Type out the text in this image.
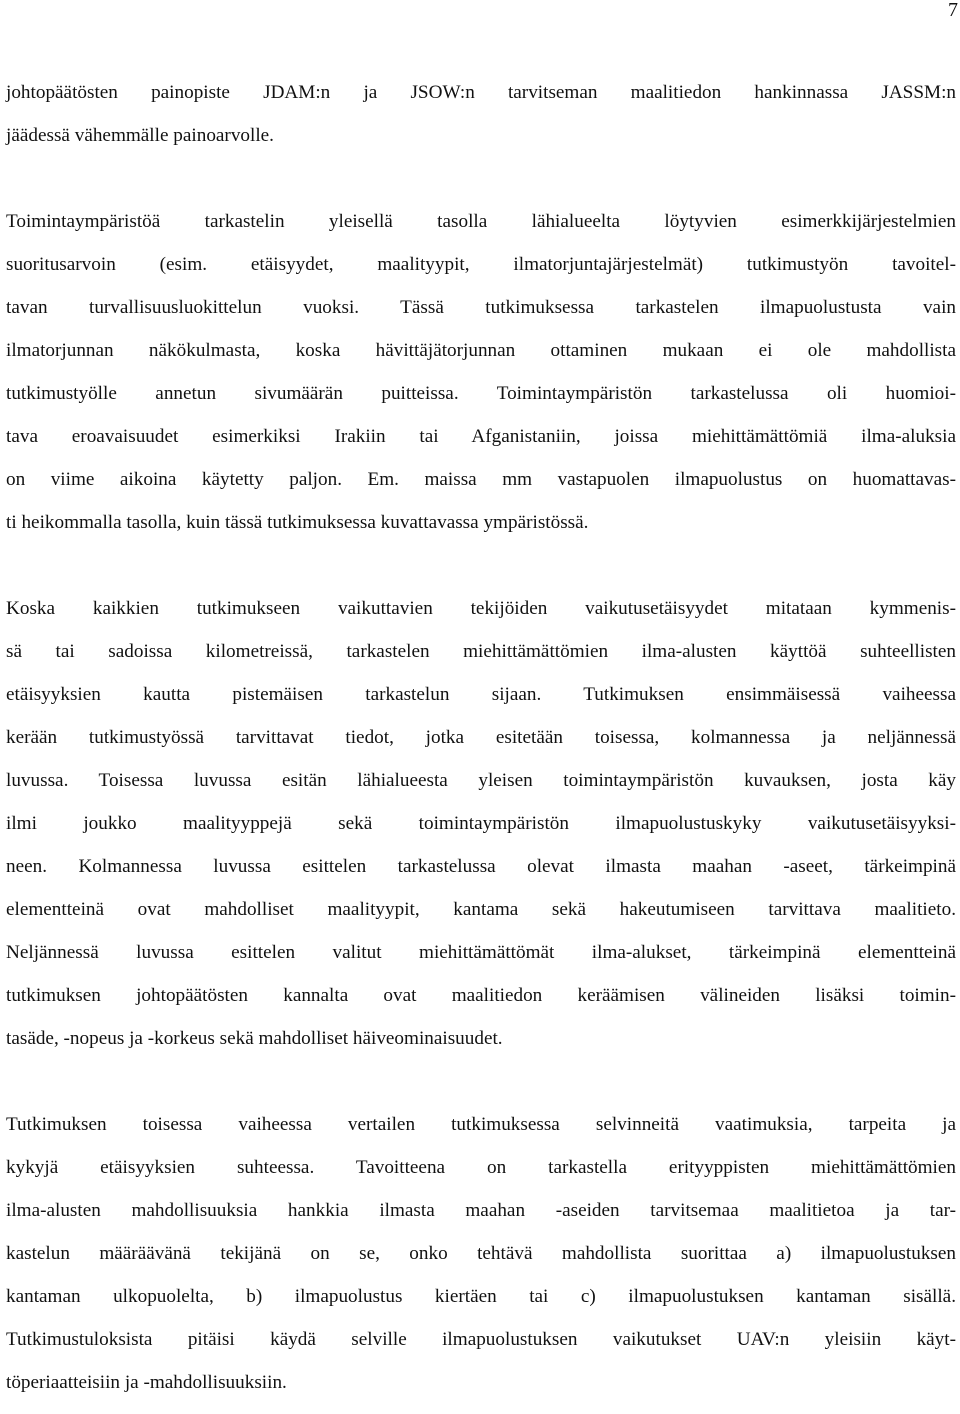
7

johtopäätösten painopiste JDAM:n ja JSOW:n tarvitseman maalitiedon hankinnassa JASSM:n
jäädessä vähemmälle painoarvolle.

Toimintaympäristöä tarkastelin yleisellä tasolla lähialueelta löytyvien esimerkkijärjestelmien
suoritusarvoin (esim. etäisyydet, maalityypit, ilmatorjuntajärjestelmät) tutkimustyön tavoitel-
tavan turvallisuusluokittelun vuoksi. Tässä tutkimuksessa tarkastelen ilmapuolustusta vain
ilmatorjunnan näkökulmasta, koska hävittäjätorjunnan ottaminen mukaan ei ole mahdollista
tutkimustyölle annetun sivumäärän puitteissa. Toimintaympäristön tarkastelussa oli huomioi-
tava eroavaisuudet esimerkiksi Irakiin tai Afganistaniin, joissa miehittämättömiä ilma-aluksia
on viime aikoina käytetty paljon. Em. maissa mm vastapuolen ilmapuolustus on huomattavas-
ti heikommalla tasolla, kuin tässä tutkimuksessa kuvattavassa ympäristössä.

Koska kaikkien tutkimukseen vaikuttavien tekijöiden vaikutusetäisyydet mitataan kymmenis-
sä tai sadoissa kilometreissä, tarkastelen miehittämättömien ilma-alusten käyttöä suhteellisten
etäisyyksien kautta pistemäisen tarkastelun sijaan. Tutkimuksen ensimmäisessä vaiheessa
kerään tutkimustyössä tarvittavat tiedot, jotka esitetään toisessa, kolmannessa ja neljännessä
luvussa. Toisessa luvussa esitän lähialueesta yleisen toimintaympäristön kuvauksen, josta käy
ilmi joukko maalityyppejä sekä toimintaympäristön ilmapuolustuskyky vaikutusetäisyyksi-
neen. Kolmannessa luvussa esittelen tarkastelussa olevat ilmasta maahan -aseet, tärkeimpinä
elementteinä ovat mahdolliset maalityypit, kantama sekä hakeutumiseen tarvittava maalitieto.
Neljännessä luvussa esittelen valitut miehittämättömät ilma-alukset, tärkeimpinä elementteinä
tutkimuksen johtopäätösten kannalta ovat maalitiedon keräämisen välineiden lisäksi toimin-
tasäde, -nopeus ja -korkeus sekä mahdolliset häiveominaisuudet.

Tutkimuksen toisessa vaiheessa vertailen tutkimuksessa selvinneitä vaatimuksia, tarpeita ja
kykyjä etäisyyksien suhteessa. Tavoitteena on tarkastella erityyppisten miehittämättömien
ilma-alusten mahdollisuuksia hankkia ilmasta maahan -aseiden tarvitsemaa maalitietoa ja tar-
kastelun määräävänä tekijänä on se, onko tehtävä mahdollista suorittaa a) ilmapuolustuksen
kantaman ulkopuolelta, b) ilmapuolustus kiertäen tai c) ilmapuolustuksen kantaman sisällä.
Tutkimustuloksista pitäisi käydä selville ilmapuolustuksen vaikutukset UAV:n yleisiin käyt-
töperiaatteisiin ja -mahdollisuuksiin.
